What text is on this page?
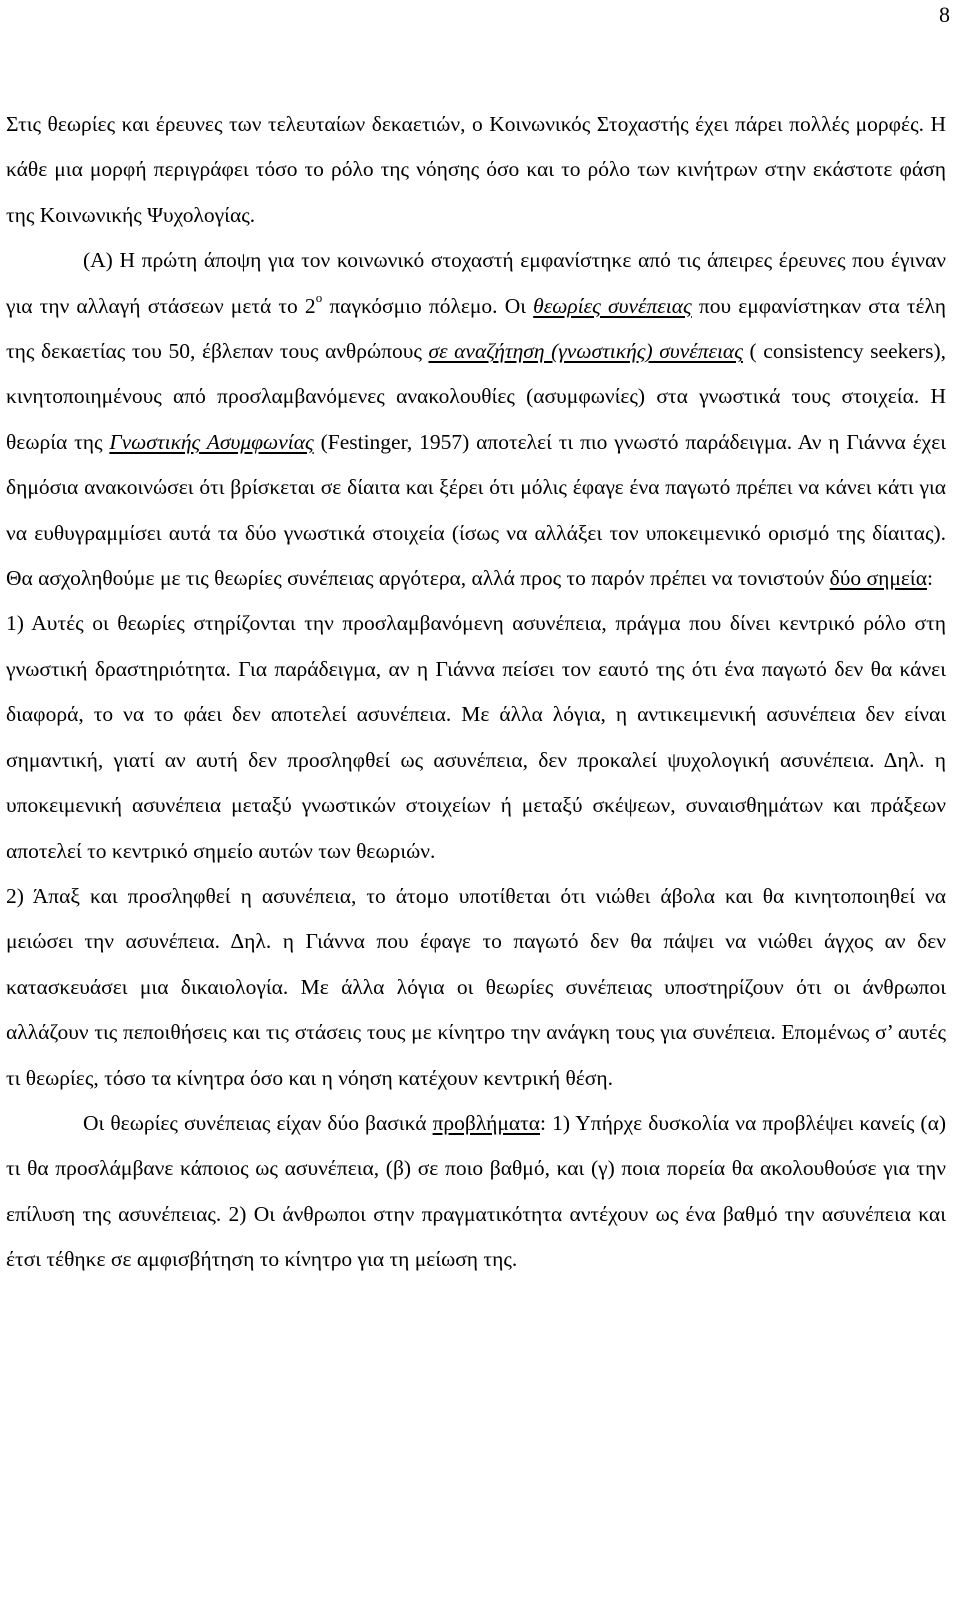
8

Στις θεωρίες και έρευνες των τελευταίων δεκαετιών, ο Κοινωνικός Στοχαστής έχει πάρει πολλές μορφές. Η κάθε μια μορφή περιγράφει τόσο το ρόλο της νόησης όσο και το ρόλο των κινήτρων στην εκάστοτε φάση της Κοινωνικής Ψυχολογίας.

(Α) Η πρώτη άποψη για τον κοινωνικό στοχαστή εμφανίστηκε από τις άπειρες έρευνες που έγιναν για την αλλαγή στάσεων μετά το $2^o$ παγκόσμιο πόλεμο. Οι θεωρίες συνέπειας που εμφανίστηκαν στα τέλη της δεκαετίας του 50, έβλεπαν τους ανθρώπους σε αναζήτηση (γνωστικής) συνέπειας ( consistency seekers), κινητοποιημένους από προσλαμβανόμενες ανακολουθίες (ασυμφωνίες) στα γνωστικά τους στοιχεία. Η θεωρία της Γνωστικής Ασυμφωνίας (Festinger, 1957) αποτελεί τι πιο γνωστό παράδειγμα. Αν η Γιάννα έχει δημόσια ανακοινώσει ότι βρίσκεται σε δίαιτα και ξέρει ότι μόλις έφαγε ένα παγωτό πρέπει να κάνει κάτι για να ευθυγραμμίσει αυτά τα δύο γνωστικά στοιχεία (ίσως να αλλάξει τον υποκειμενικό ορισμό της δίαιτας). Θα ασχοληθούμε με τις θεωρίες συνέπειας αργότερα, αλλά προς το παρόν πρέπει να τονιστούν δύο σημεία:

1) Αυτές οι θεωρίες στηρίζονται την προσλαμβανόμενη ασυνέπεια, πράγμα που δίνει κεντρικό ρόλο στη γνωστική δραστηριότητα. Για παράδειγμα, αν η Γιάννα πείσει τον εαυτό της ότι ένα παγωτό δεν θα κάνει διαφορά, το να το φάει δεν αποτελεί ασυνέπεια. Με άλλα λόγια, η αντικειμενική ασυνέπεια δεν είναι σημαντική, γιατί αν αυτή δεν προσληφθεί ως ασυνέπεια, δεν προκαλεί ψυχολογική ασυνέπεια. Δηλ. η υποκειμενική ασυνέπεια μεταξύ γνωστικών στοιχείων ή μεταξύ σκέψεων, συναισθημάτων και πράξεων αποτελεί το κεντρικό σημείο αυτών των θεωριών.

2) Άπαξ και προσληφθεί η ασυνέπεια, το άτομο υποτίθεται ότι νιώθει άβολα και θα κινητοποιηθεί να μειώσει την ασυνέπεια. Δηλ. η Γιάννα που έφαγε το παγωτό δεν θα πάψει να νιώθει άγχος αν δεν κατασκευάσει μια δικαιολογία. Με άλλα λόγια οι θεωρίες συνέπειας υποστηρίζουν ότι οι άνθρωποι αλλάζουν τις πεποιθήσεις και τις στάσεις τους με κίνητρο την ανάγκη τους για συνέπεια. Επομένως σ’ αυτές τι θεωρίες, τόσο τα κίνητρα όσο και η νόηση κατέχουν κεντρική θέση.

Οι θεωρίες συνέπειας είχαν δύο βασικά προβλήματα: 1) Υπήρχε δυσκολία να προβλέψει κανείς (α) τι θα προσλάμβανε κάποιος ως ασυνέπεια, (β) σε ποιο βαθμό, και (γ) ποια πορεία θα ακολουθούσε για την επίλυση της ασυνέπειας. 2) Οι άνθρωποι στην πραγματικότητα αντέχουν ως ένα βαθμό την ασυνέπεια και έτσι τέθηκε σε αμφισβήτηση το κίνητρο για τη μείωση της.
